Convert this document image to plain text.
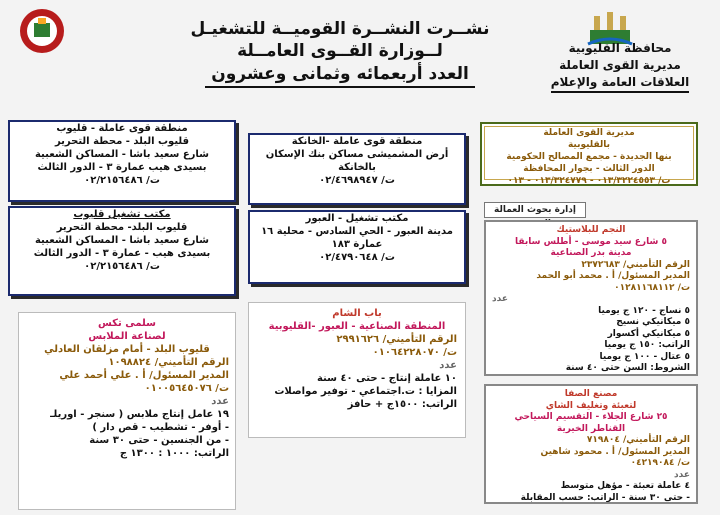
محافظة القليوبية
مديرية القوى العاملة
العلاقات العامة والإعلام
نشــرت النشــرة القوميــة للتشغيـل
لــوزارة القــوى العامــلة
العدد أربعمائه وثمانى وعشرون
منطقة قوى عاملة - قليوب
قليوب البلد - محطة التحرير
شارع سعيد باشا - المساكن الشعبية
بسيدى هيب عمارة ٣ - الدور الثالث
ت/ ٠٢/٢١٥٦٤٨٦
منطقة قوى عاملة -الخانكة
أرض المشميشى مساكن بنك الإسكان
بالخانكة
ت/ ٠٢/٤٦٩٨٩٤٧
مديرية القوى العاملة
بالقليوبية
بنها الجديدة - مجمع المصالح الحكومية
الدور الثالث - بجوار المحافظة
ت/ ٠١٣/٣٢٢٤٥٥٣ - ٠١٣/٣٢٤٧٧٩ - ٠١٣
مكتب تشغيل قليوب
قليوب البلد- محطة التحرير
شارع سعيد باشا - المساكن الشعبية
بسيدى هيب - عمارة ٣ - الدور الثالث
ت/ ٠٢/٢١٥٦٤٨٦
مكتب تشغيل - العبور
مدينة العبور - الحي السادس - محلية ١٦
عمارة ١٨٣
ت/ ٠٢/٤٧٩٠٦٤٨
إدارة بحوث العمالة
النجم للبلاستيك
٥ شارع سيد موسى - أطلس سابقا
مدينة بدر الصناعية
الرقم التأميني/ ٢٣٧٢٦٨٣
المدير المسئول/ أ . محمد أبو الحمد
ت/ ٠١٢٨١١٦٨١١٢
عدد
٥ نساج - ١٢٠ ج يوميا
٥ ميكانيكي نسيج
٥ ميكانيكي أكسوار
الراتب: ١٥٠ ج يوميا
٥ عتال - ١٠٠ ج يوميا
الشروط: السن حتى ٤٠ سنة
سلمى تكس
لصناعة الملابس
قليوب البلد - أمام مزلقان العادلي
الرقم التأميني/ ١٠٩٨٨٢٤
المدير المسئول/ أ . علي أحمد علي
ت/ ٠١٠٠٥٦٤٥٠٧٦
عدد
١٩ عامل إنتاج ملابس ( سنجر - اوريلـ
- أوفر - تشطيب - قص دار )
- من الجنسين - حتى ٣٠ سنة
الراتب: ١٠٠٠ : ١٣٠٠ ج
باب الشام
المنطقة الصناعية - العبور -القليوبية
الرقم التأميني/ ٢٩٩١٦٢٦
ت/ ٠١٠٦٤٢٢٨٠٧٠
عدد
١٠ عاملة إنتاج - حتى ٤٠ سنة
المزايا : ت.اجتماعي - توفير مواصلات
الراتب: ١٥٠٠ج + حافز
مصنع الصفا
لتعبئة وتغليف الشاي
٢٥ شارع الجلاء - التقسيم السياحي
القناطر الخيرية
الرقم التأميني/ ٧١٩٨٠٤
المدير المسئول/ أ . محمود شاهين
ت/ ٠٤٢١٩٠٨٤
عدد
٤ عاملة تعبئة - مؤهل متوسط
- حتى ٣٠ سنة - الراتب: حسب المقابلة
